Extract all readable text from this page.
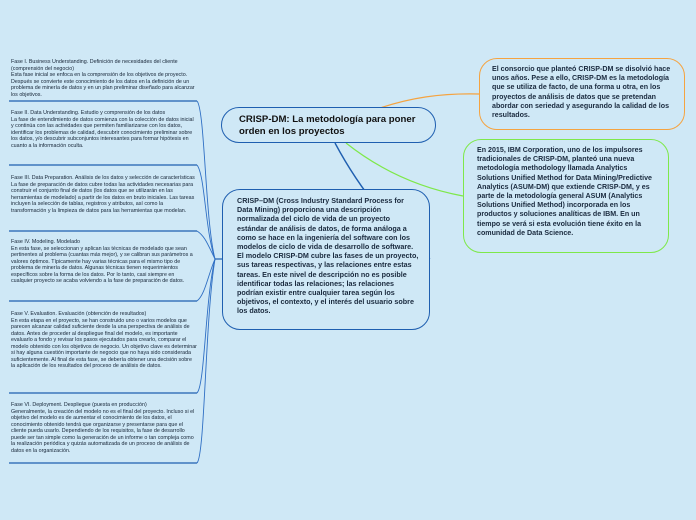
CRISP-DM: La metodología para poner orden en los proyectos
CRISP–DM (Cross Industry Standard Process for Data Mining) proporciona una descripción normalizada del ciclo de vida de un proyecto estándar de análisis de datos, de forma análoga a como se hace en la ingeniería del software con los modelos de ciclo de vida de desarrollo de software. El modelo CRISP-DM cubre las fases de un proyecto, sus tareas respectivas, y las relaciones entre estas tareas. En este nivel de descripción no es posible identificar todas las relaciones; las relaciones podrían existir entre cualquier tarea según los objetivos, el contexto, y el interés del usuario sobre los datos.
El consorcio que planteó CRISP-DM se disolvió hace unos años. Pese a ello, CRISP-DM es la metodología que se utiliza de facto, de una forma u otra, en los proyectos de análisis de datos que se pretendan abordar con seriedad y asegurando la calidad de los resultados.
En 2015, IBM Corporation, uno de los impulsores tradicionales de CRISP-DM, planteó una nueva metodología methodology llamada Analytics Solutions Unified Method for Data Mining/Predictive Analytics (ASUM-DM) que extiende CRISP-DM, y es parte de la metodología general ASUM (Analytics Solutions Unified Method) incorporada en los productos y soluciones analíticas de IBM. En un tiempo se verá si esta evolución tiene éxito en la comunidad de Data Science.
Fase I. Business Understanding. Definición de necesidades del cliente (comprensión del negocio)
Esta fase inicial se enfoca en la comprensión de los objetivos de proyecto. Después se convierte este conocimiento de los datos en la definición de un problema de minería de datos y en un plan preliminar diseñado para alcanzar los objetivos.
Fase II. Data Understanding. Estudio y comprensión de los datos
La fase de entendimiento de datos comienza con la colección de datos inicial y continúa con las actividades que permiten familiarizarse con los datos, identificar los problemas de calidad, descubrir conocimiento preliminar sobre los datos, y/o descubrir subconjuntos interesantes para formar hipótesis en cuanto a la información oculta.
Fase III. Data Preparation. Análisis de los datos y selección de características
La fase de preparación de datos cubre todas las actividades necesarias para construir el conjunto final de datos (los datos que se utilizarán en las herramientas de modelado) a partir de los datos en bruto iniciales. Las tareas incluyen la selección de tablas, registros y atributos, así como la transformación y la limpieza de datos para las herramientas que modelan.
Fase IV. Modeling. Modelado
En esta fase, se seleccionan y aplican las técnicas de modelado que sean pertinentes al problema (cuantas más mejor), y se calibran sus parámetros a valores óptimos. Típicamente hay varias técnicas para el mismo tipo de problema de minería de datos. Algunas técnicas tienen requerimientos específicos sobre la forma de los datos. Por lo tanto, casi siempre en cualquier proyecto se acaba volviendo a la fase de preparación de datos.
Fase V. Evaluation. Evaluación (obtención de resultados)
En esta etapa en el proyecto, se han construido uno o varios modelos que parecen alcanzar calidad suficiente desde la una perspectiva de análisis de datos. Antes de proceder al despliegue final del modelo, es importante evaluarlo a fondo y revisar los pasos ejecutados para crearlo, comparar el modelo obtenido con los objetivos de negocio. Un objetivo clave es determinar si hay alguna cuestión importante de negocio que no haya sido considerada suficientemente. Al final de esta fase, se debería obtener una decisión sobre la aplicación de los resultados del proceso de análisis de datos.
Fase VI. Deployment. Despliegue (puesta en producción)
Generalmente, la creación del modelo no es el final del proyecto. Incluso si el objetivo del modelo es de aumentar el conocimiento de los datos, el conocimiento obtenido tendrá que organizarse y presentarse para que el cliente pueda usarlo. Dependiendo de los requisitos, la fase de desarrollo puede ser tan simple como la generación de un informe o tan compleja como la realización periódica y quizás automatizada de un proceso de análisis de datos en la organización.
